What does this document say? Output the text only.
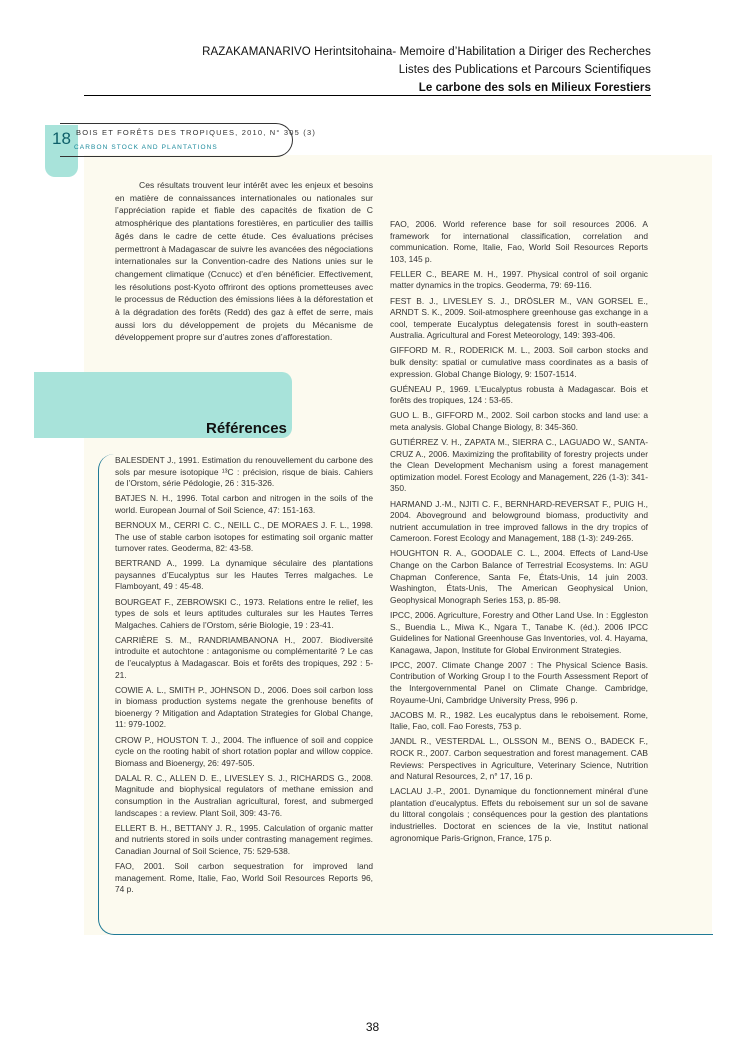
RAZAKAMANARIVO Herintsitohaina- Memoire d’Habilitation a Diriger des Recherches
Listes des Publications et Parcours Scientifiques
Le carbone des sols en Milieux Forestiers
18 BOIS ET FORÊTS DES TROPIQUES, 2010, N° 305 (3)
CARBON STOCK AND PLANTATIONS
Ces résultats trouvent leur intérêt avec les enjeux et besoins en matière de connaissances internationales ou nationales sur l’appréciation rapide et fiable des capacités de fixation de C atmosphérique des plantations forestières, en particulier des taillis âgés dans le cadre de cette étude. Ces évaluations précises permettront à Madagascar de suivre les avancées des négociations internationales sur la Convention-cadre des Nations unies sur le changement climatique (Ccnucc) et d’en bénéficier. Effectivement, les résolutions post-Kyoto offriront des options prometteuses avec le processus de Réduction des émissions liées à la déforestation et à la dégradation des forêts (Redd) des gaz à effet de serre, mais aussi lors du développement de projets du Mécanisme de développement propre sur d’autres zones d’afforestation.
Références
BALESDENT J., 1991. Estimation du renouvellement du carbone des sols par mesure isotopique ¹³C : précision, risque de biais. Cahiers de l’Orstom, série Pédologie, 26 : 315-326.
BATJES N. H., 1996. Total carbon and nitrogen in the soils of the world. European Journal of Soil Science, 47: 151-163.
BERNOUX M., CERRI C. C., NEILL C., DE MORAES J. F. L., 1998. The use of stable carbon isotopes for estimating soil organic matter turnover rates. Geoderma, 82: 43-58.
BERTRAND A., 1999. La dynamique séculaire des plantations paysannes d’Eucalyptus sur les Hautes Terres malgaches. Le Flamboyant, 49 : 45-48.
BOURGEAT F., ZEBROWSKI C., 1973. Relations entre le relief, les types de sols et leurs aptitudes culturales sur les Hautes Terres Malgaches. Cahiers de l’Orstom, série Biologie, 19 : 23-41.
CARRIÈRE S. M., RANDRIAMBANONA H., 2007. Biodiversité introduite et autochtone : antagonisme ou complémentarité ? Le cas de l’eucalyptus à Madagascar. Bois et forêts des tropiques, 292 : 5-21.
COWIE A. L., SMITH P., JOHNSON D., 2006. Does soil carbon loss in biomass production systems negate the grenhouse benefits of bioenergy ? Mitigation and Adaptation Strategies for Global Change, 11: 979-1002.
CROW P., HOUSTON T. J., 2004. The influence of soil and coppice cycle on the rooting habit of short rotation poplar and willow coppice. Biomass and Bioenergy, 26: 497-505.
DALAL R. C., ALLEN D. E., LIVESLEY S. J., RICHARDS G., 2008. Magnitude and biophysical regulators of methane emission and consumption in the Australian agricultural, forest, and submerged landscapes : a review. Plant Soil, 309: 43-76.
ELLERT B. H., BETTANY J. R., 1995. Calculation of organic matter and nutrients stored in soils under contrasting management regimes. Canadian Journal of Soil Science, 75: 529-538.
FAO, 2001. Soil carbon sequestration for improved land management. Rome, Italie, Fao, World Soil Resources Reports 96, 74 p.
FAO, 2006. World reference base for soil resources 2006. A framework for international classification, correlation and communication. Rome, Italie, Fao, World Soil Resources Reports 103, 145 p.
FELLER C., BEARE M. H., 1997. Physical control of soil organic matter dynamics in the tropics. Geoderma, 79: 69-116.
FEST B. J., LIVESLEY S. J., DRÖSLER M., VAN GORSEL E., ARNDT S. K., 2009. Soil-atmosphere greenhouse gas exchange in a cool, temperate Eucalyptus delegatensis forest in south-eastern Australia. Agricultural and Forest Meteorology, 149: 393-406.
GIFFORD M. R., RODERICK M. L., 2003. Soil carbon stocks and bulk density: spatial or cumulative mass coordinates as a basis of expression. Global Change Biology, 9: 1507-1514.
GUÉNEAU P., 1969. L’Eucalyptus robusta à Madagascar. Bois et forêts des tropiques, 124 : 53-65.
GUO L. B., GIFFORD M., 2002. Soil carbon stocks and land use: a meta analysis. Global Change Biology, 8: 345-360.
GUTIÉRREZ V. H., ZAPATA M., SIERRA C., LAGUADO W., SANTA-CRUZ A., 2006. Maximizing the profitability of forestry projects under the Clean Development Mechanism using a forest management optimization model. Forest Ecology and Management, 226 (1-3): 341-350.
HARMAND J.-M., NJITI C. F., BERNHARD-REVERSAT F., PUIG H., 2004. Aboveground and belowground biomass, productivity and nutrient accumulation in tree improved fallows in the dry tropics of Cameroon. Forest Ecology and Management, 188 (1-3): 249-265.
HOUGHTON R. A., GOODALE C. L., 2004. Effects of Land-Use Change on the Carbon Balance of Terrestrial Ecosystems. In: AGU Chapman Conference, Santa Fe, États-Unis, 14 juin 2003. Washington, États-Unis, The American Geophysical Union, Geophysical Monograph Series 153, p. 85-98.
IPCC, 2006. Agriculture, Forestry and Other Land Use. In : Eggleston S., Buendia L., Miwa K., Ngara T., Tanabe K. (éd.). 2006 IPCC Guidelines for National Greenhouse Gas Inventories, vol. 4. Hayama, Kanagawa, Japon, Institute for Global Environment Strategies.
IPCC, 2007. Climate Change 2007 : The Physical Science Basis. Contribution of Working Group I to the Fourth Assessment Report of the Intergovernmental Panel on Climate Change. Cambridge, Royaume-Uni, Cambridge University Press, 996 p.
JACOBS M. R., 1982. Les eucalyptus dans le reboisement. Rome, Italie, Fao, coll. Fao Forests, 753 p.
JANDL R., VESTERDAL L., OLSSON M., BENS O., BADECK F., ROCK R., 2007. Carbon sequestration and forest management. CAB Reviews: Perspectives in Agriculture, Veterinary Science, Nutrition and Natural Resources, 2, n° 17, 16 p.
LACLAU J.-P., 2001. Dynamique du fonctionnement minéral d’une plantation d’eucalyptus. Effets du reboisement sur un sol de savane du littoral congolais ; conséquences pour la gestion des plantations industrielles. Doctorat en sciences de la vie, Institut national agronomique Paris-Grignon, France, 175 p.
38
